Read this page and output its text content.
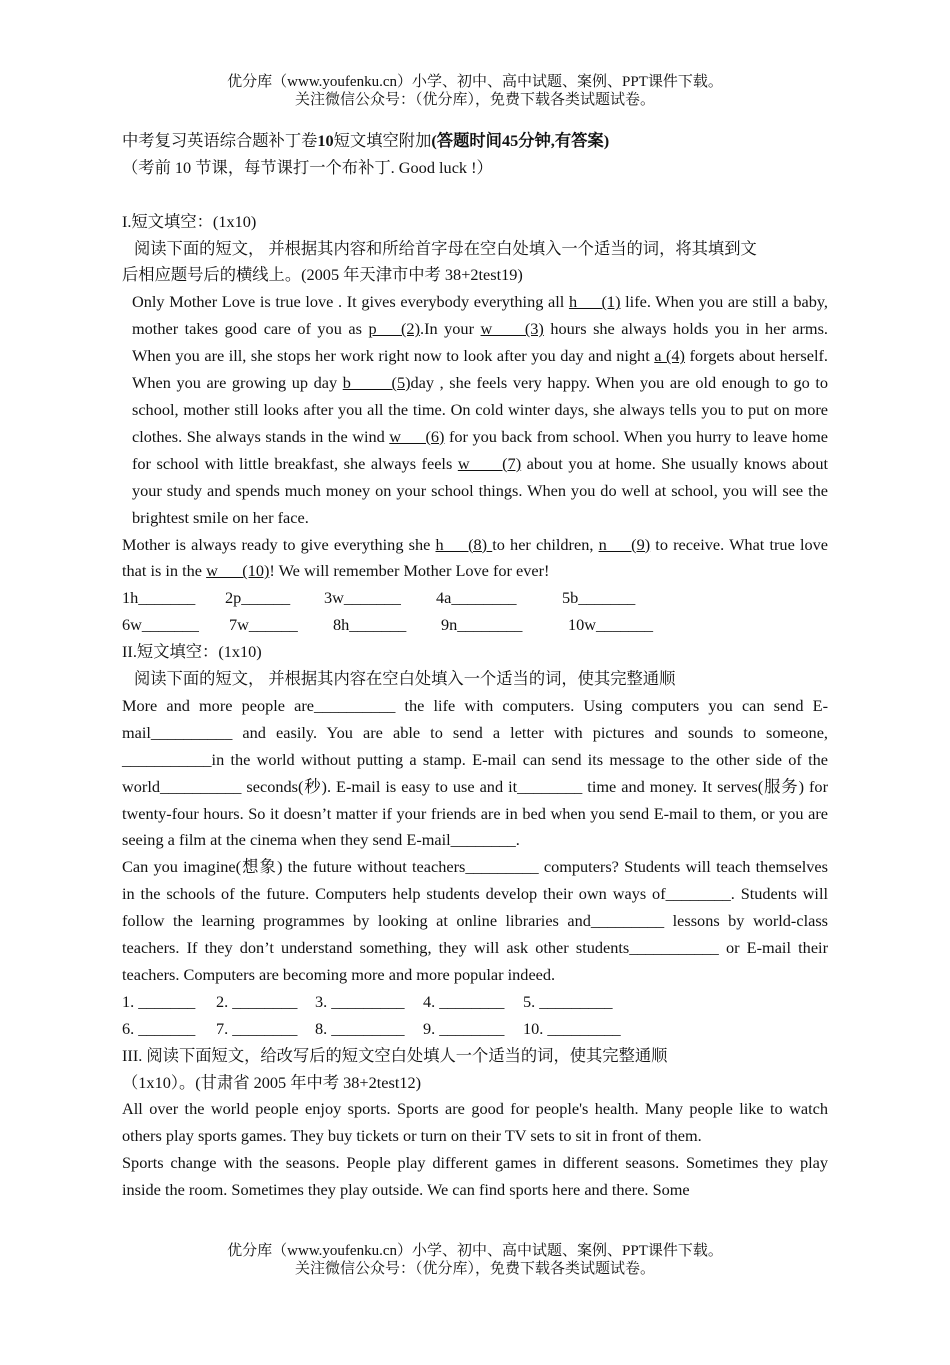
优分库（www.youfenku.cn）小学、初中、高中试题、案例、PPT课件下载。
关注微信公众号：（优分库），免费下载各类试题试卷。
中考复习英语综合题补丁卷10短文填空附加(答题时间45分钟,有答案)
（考前 10 节课，每节课打一个布补丁. Good luck !）
I.短文填空：(1x10)
阅读下面的短文， 并根据其内容和所给首字母在空白处填入一个适当的词，将其填到文
后相应题号后的横线上。(2005 年天津市中考 38+2test19)
Only Mother Love is true love . It gives everybody everything all h___(1) life. When you are still a baby, mother takes good care of you as p___(2).In your w____(3) hours she always holds you in her arms. When you are ill, she stops her work right now to look after you day and night a (4) forgets about herself. When you are growing up day b_____(5)day , she feels very happy. When you are old enough to go to school, mother still looks after you all the time. On cold winter days, she always tells you to put on more clothes. She always stands in the wind w___(6) for you back from school. When you hurry to leave home for school with little breakfast, she always feels w____(7) about you at home. She usually knows about your study and spends much money on your school things. When you do well at school, you will see the brightest smile on her face.
Mother is always ready to give everything she h___(8) to her children, n___(9) to receive. What true love that is in the w___(10)! We will remember Mother Love for ever!
1h_______ 2p______ 3w_______ 4a________	5b_______
6w_______ 7w______ 8h_______ 9n________	10w_______
II.短文填空：(1x10)
阅读下面的短文， 并根据其内容在空白处填入一个适当的词，使其完整通顺
More and more people are__________ the life with computers. Using computers you can send E-mail__________ and easily. You are able to send a letter with pictures and sounds to someone, ___________in the world without putting a stamp. E-mail can send its message to the other side of the world__________ seconds(秒). E-mail is easy to use and it________ time and money. It serves(服务) for twenty-four hours. So it doesn’t matter if your friends are in bed when you send E-mail to them, or you are seeing a film at the cinema when they send E-mail________.
Can you imagine(想象) the future without teachers_________ computers? Students will teach themselves in the schools of the future. Computers help students develop their own ways of________. Students will follow the learning programmes by looking at online libraries and_________ lessons by world-class teachers. If they don’t understand something, they will ask other students___________ or E-mail their teachers. Computers are becoming more and more popular indeed.
1. _______ 2. ________ 3. _________ 4. ________ 5. _________
6. _______ 7. ________ 8. _________ 9. ________ 10. _________
III. 阅读下面短文，给改写后的短文空白处填人一个适当的词，使其完整通顺
（1x10）。(甘肃省 2005 年中考 38+2test12)
All over the world people enjoy sports. Sports are good for people's health. Many people like to watch others play sports games. They buy tickets or turn on their TV sets to sit in front of them.
Sports change with the seasons. People play different games in different seasons. Sometimes they play inside the room. Sometimes they play outside. We can find sports here and there. Some
优分库（www.youfenku.cn）小学、初中、高中试题、案例、PPT课件下载。
关注微信公众号：（优分库），免费下载各类试题试卷。
